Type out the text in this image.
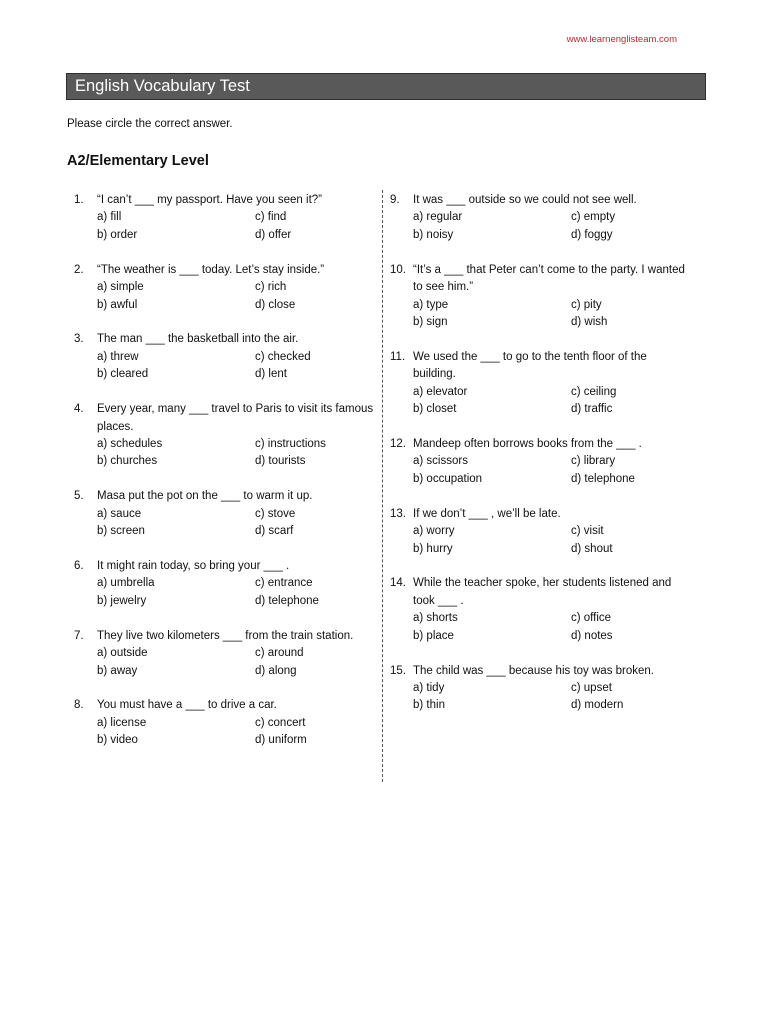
www.learnenglisteam.com
English Vocabulary Test
Please circle the correct answer.
A2/Elementary Level
1.	“I can’t ___ my passport. Have you seen it?”
a) fill	c) find
b) order	d) offer
2.	“The weather is ___ today. Let’s stay inside.”
a) simple	c) rich
b) awful	d) close
3.	The man ___ the basketball into the air.
a) threw	c) checked
b) cleared	d) lent
4.	Every year, many ___ travel to Paris to visit its famous places.
a) schedules	c) instructions
b) churches	d) tourists
5.	Masa put the pot on the ___ to warm it up.
a) sauce	c) stove
b) screen	d) scarf
6.	It might rain today, so bring your ___ .
a) umbrella	c) entrance
b) jewelry	d) telephone
7.	They live two kilometers ___ from the train station.
a) outside	c) around
b) away	d) along
8.	You must have a ___ to drive a car.
a) license	c) concert
b) video	d) uniform
9.	It was ___ outside so we could not see well.
a) regular	c) empty
b) noisy	d) foggy
10. “It’s a ___ that Peter can’t come to the party. I wanted to see him.”
a) type	c) pity
b) sign	d) wish
11. We used the ___ to go to the tenth floor of the building.
a) elevator	c) ceiling
b) closet	d) traffic
12. Mandeep often borrows books from the ___ .
a) scissors	c) library
b) occupation	d) telephone
13. If we don’t ___ , we’ll be late.
a) worry	c) visit
b) hurry	d) shout
14. While the teacher spoke, her students listened and took ___ .
a) shorts	c) office
b) place	d) notes
15. The child was ___ because his toy was broken.
a) tidy	c) upset
b) thin	d) modern
